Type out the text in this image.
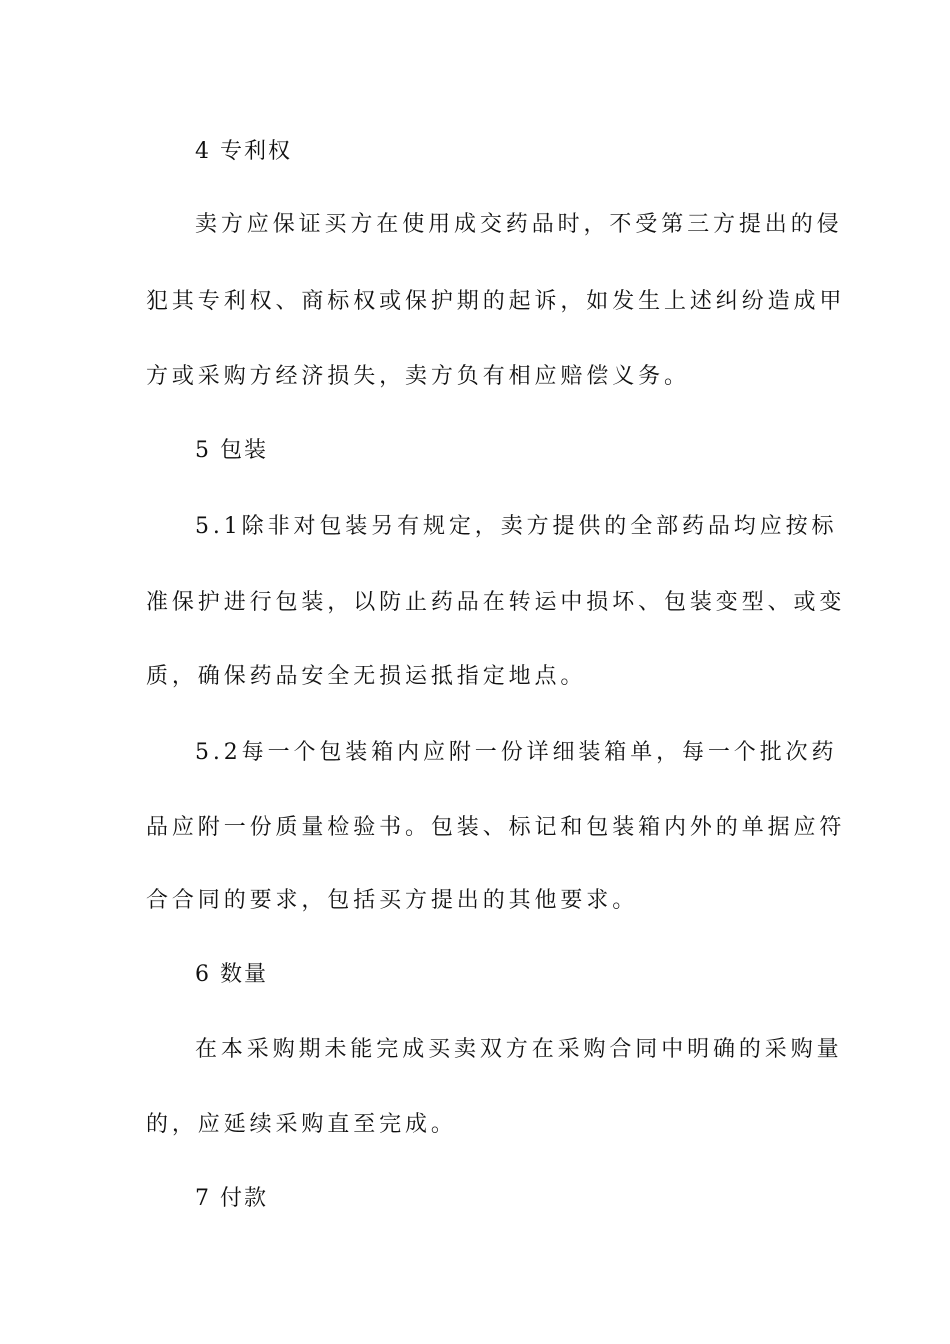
4 专利权
卖方应保证买方在使用成交药品时，不受第三方提出的侵
犯其专利权、商标权或保护期的起诉，如发生上述纠纷造成甲
方或采购方经济损失，卖方负有相应赔偿义务。
5 包装
5.1除非对包装另有规定，卖方提供的全部药品均应按标
准保护进行包装，以防止药品在转运中损坏、包装变型、或变
质，确保药品安全无损运抵指定地点。
5.2每一个包装箱内应附一份详细装箱单，每一个批次药
品应附一份质量检验书。包装、标记和包装箱内外的单据应符
合合同的要求，包括买方提出的其他要求。
6 数量
在本采购期未能完成买卖双方在采购合同中明确的采购量
的，应延续采购直至完成。
7 付款
